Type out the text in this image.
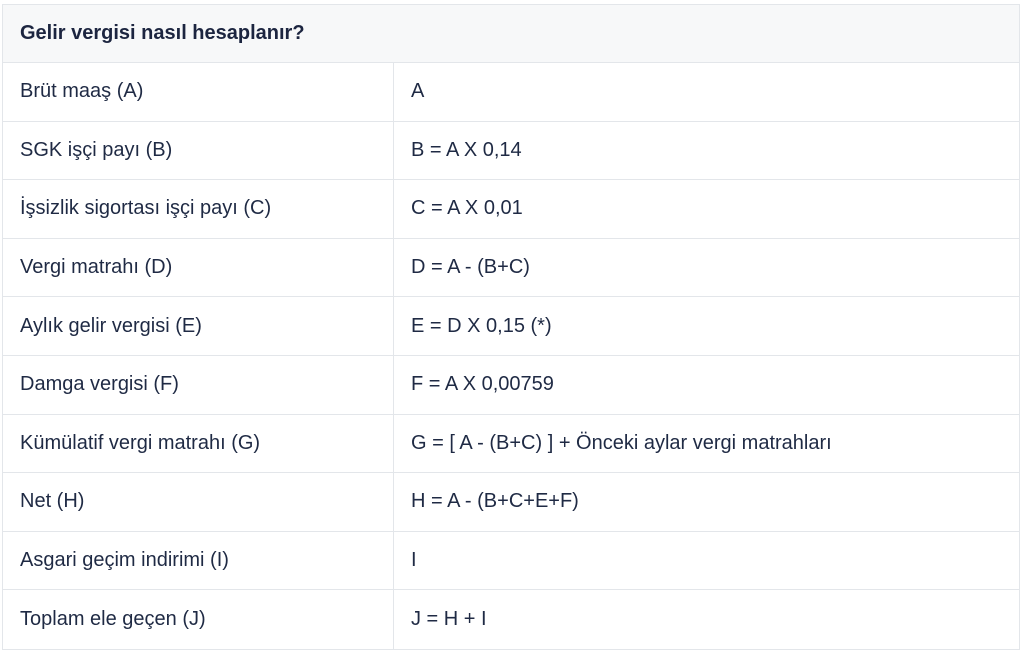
Gelir vergisi nasıl hesaplanır?
Brüt maaş (A)	A
SGK işçi payı (B)	B = A X 0,14
İşsizlik sigortası işçi payı (C)	C = A X 0,01
Vergi matrahı (D)	D = A - (B+C)
Aylık gelir vergisi (E)	E = D X 0,15 (*)
Damga vergisi (F)	F = A X 0,00759
Kümülatif vergi matrahı (G)	G = [ A - (B+C) ] + Önceki aylar vergi matrahları
Net (H)	H = A - (B+C+E+F)
Asgari geçim indirimi (I)	I
Toplam ele geçen (J)	J = H + I
